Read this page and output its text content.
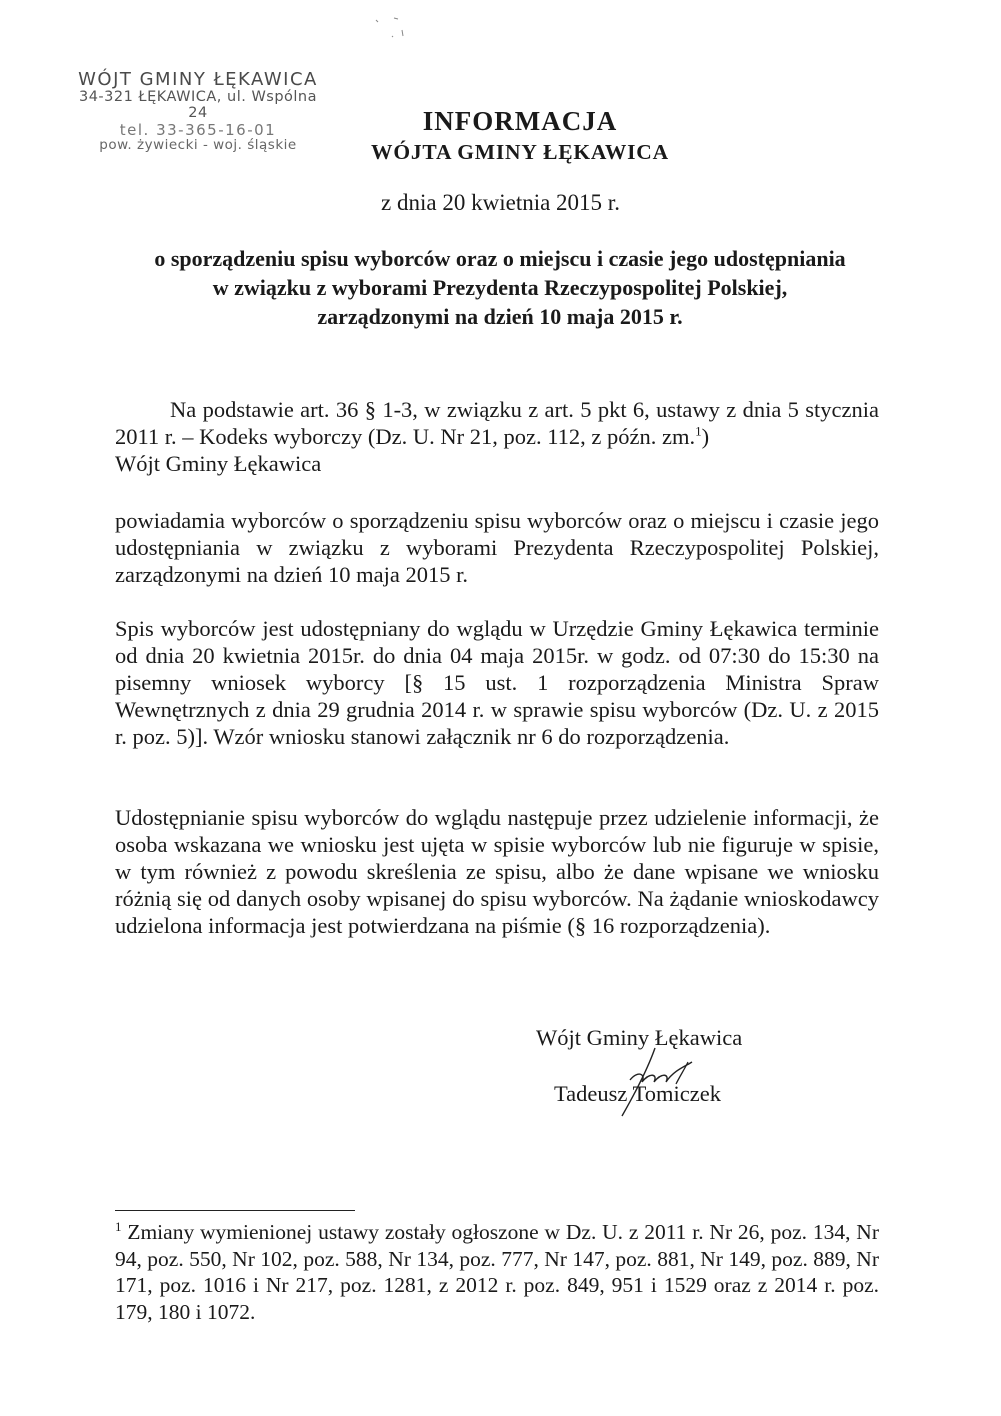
WÓJT GMINY ŁĘKAWICA
34-321 ŁĘKAWICA, ul. Wspólna 24
tel. 33-365-16-01
pow. żywiecki - woj. śląskie
INFORMACJA
WÓJTA GMINY ŁĘKAWICA
z dnia 20 kwietnia 2015 r.
o sporządzeniu spisu wyborców oraz o miejscu i czasie jego udostępniania
w związku z wyborami Prezydenta Rzeczypospolitej Polskiej,
zarządzonymi na dzień 10 maja 2015 r.
Na podstawie art. 36 § 1-3, w związku z art. 5 pkt 6, ustawy z dnia 5 stycznia 2011 r. – Kodeks wyborczy (Dz. U. Nr 21, poz. 112, z późn. zm.$^1$)
Wójt Gminy Łękawica
powiadamia wyborców o sporządzeniu spisu wyborców oraz o miejscu i czasie jego udostępniania w związku z wyborami Prezydenta Rzeczypospolitej Polskiej, zarządzonymi na dzień 10 maja 2015 r.
Spis wyborców jest udostępniany do wglądu w Urzędzie Gminy Łękawica terminie od dnia 20 kwietnia 2015r. do dnia 04 maja 2015r. w godz. od 07:30 do 15:30 na pisemny wniosek wyborcy [§ 15 ust. 1 rozporządzenia Ministra Spraw Wewnętrznych z dnia 29 grudnia 2014 r. w sprawie spisu wyborców (Dz. U. z 2015 r. poz. 5)]. Wzór wniosku stanowi załącznik nr 6 do rozporządzenia.
Udostępnianie spisu wyborców do wglądu następuje przez udzielenie informacji, że osoba wskazana we wniosku jest ujęta w spisie wyborców lub nie figuruje w spisie, w tym również z powodu skreślenia ze spisu, albo że dane wpisane we wniosku różnią się od danych osoby wpisanej do spisu wyborców. Na żądanie wnioskodawcy udzielona informacja jest potwierdzana na piśmie (§ 16 rozporządzenia).
Wójt Gminy Łękawica
Tadeusz Tomiczek
$^1$ Zmiany wymienionej ustawy zostały ogłoszone w Dz. U. z 2011 r. Nr 26, poz. 134, Nr 94, poz. 550, Nr 102, poz. 588, Nr 134, poz. 777, Nr 147, poz. 881, Nr 149, poz. 889, Nr 171, poz. 1016 i Nr 217, poz. 1281, z 2012 r. poz. 849, 951 i 1529 oraz z 2014 r. poz. 179, 180 i 1072.
